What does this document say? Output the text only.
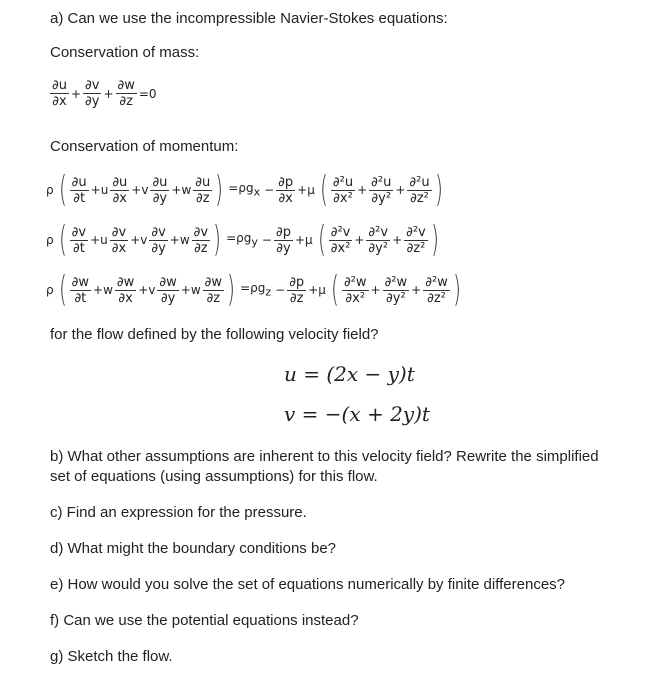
a) Can we use the incompressible Navier-Stokes equations:
Conservation of mass:
$\frac{\partial u}{\partial x} + \frac{\partial v}{\partial y} + \frac{\partial w}{\partial z} =0$
Conservation of momentum:
ρ ( $\frac{\partial u}{\partial t} +u \frac{\partial u}{\partial x} +v \frac{\partial u}{\partial y} +w \frac{\partial u}{\partial z}$ ) $=\rho g_x - \frac{\partial p}{\partial x} +\mu$ ( $\frac{\text{∂²u}}{\text{∂x²}} + \frac{\text{∂²u}}{\text{∂y²}} + \frac{\text{∂²u}}{\text{∂z²}}$ )
ρ ( $\frac{\partial v}{\partial t} +u \frac{\partial v}{\partial x} +v \frac{\partial v}{\partial y} +w \frac{\partial v}{\partial z}$ ) $=\rho g_y - \frac{\partial p}{\partial y} +\mu$ ( $\frac{\text{∂²v}}{\text{∂x²}} + \frac{\text{∂²v}}{\text{∂y²}} + \frac{\text{∂²v}}{\text{∂z²}}$ )
ρ ( $\frac{\partial w}{\partial t} +w \frac{\partial w}{\partial x} +v \frac{\partial w}{\partial y} +w \frac{\partial w}{\partial z}$ ) $=\rho g_z - \frac{\partial p}{\partial z} +\mu$ ( $\frac{\text{∂²w}}{\text{∂x²}} + \frac{\text{∂²w}}{\text{∂y²}} + \frac{\text{∂²w}}{\text{∂z²}}$ )
for the flow defined by the following velocity field?
u = (2x − y)t
v = −(x + 2y)t
b) What other assumptions are inherent to this velocity field? Rewrite the simplified
set of equations (using assumptions) for this flow.
c) Find an expression for the pressure.
d) What might the boundary conditions be?
e) How would you solve the set of equations numerically by finite differences?
f) Can we use the potential equations instead?
g) Sketch the flow.
